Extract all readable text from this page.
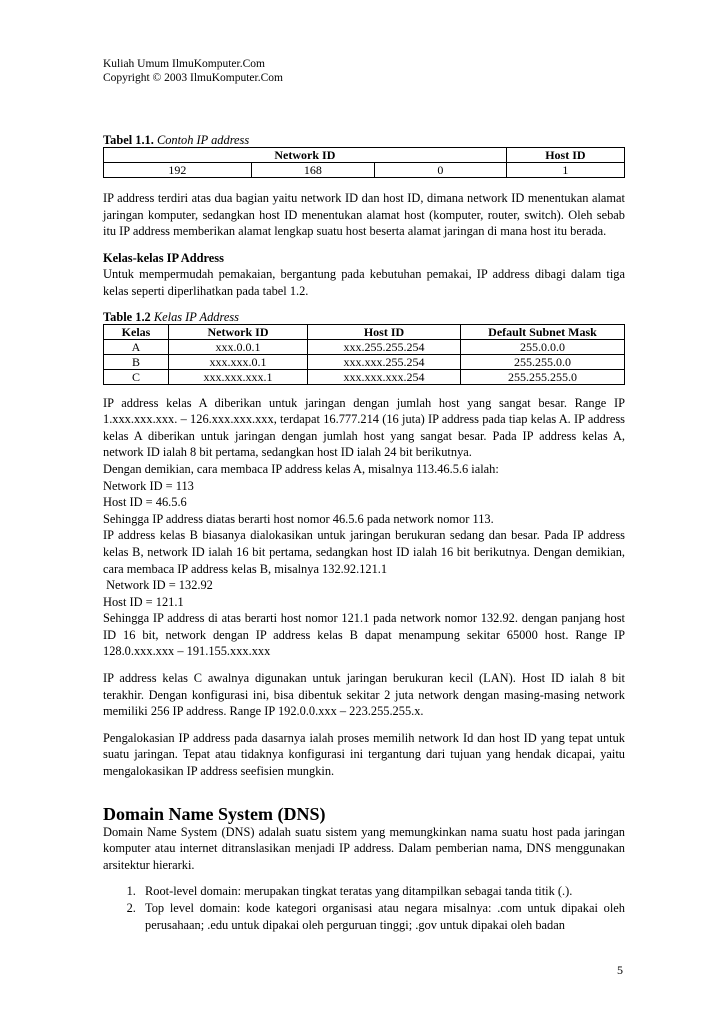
Kuliah Umum IlmuKomputer.Com
Copyright © 2003 IlmuKomputer.Com
Tabel 1.1. Contoh IP address
Network ID			Host ID
192	168	0	1

IP address terdiri atas dua bagian yaitu network ID dan host ID, dimana network ID menentukan alamat jaringan komputer, sedangkan host ID menentukan alamat host (komputer, router, switch). Oleh sebab itu IP address memberikan alamat lengkap suatu host beserta alamat jaringan di mana host itu berada.

Kelas-kelas IP Address

Untuk mempermudah pemakaian, bergantung pada kebutuhan pemakai, IP address dibagi dalam tiga kelas seperti diperlihatkan pada tabel 1.2.

Table 1.2 Kelas IP Address
Kelas	Network ID	Host ID	Default Subnet Mask
A	xxx.0.0.1	xxx.255.255.254	255.0.0.0
B	xxx.xxx.0.1	xxx.xxx.255.254	255.255.0.0
C	xxx.xxx.xxx.1	xxx.xxx.xxx.254	255.255.255.0

IP address kelas A diberikan untuk jaringan dengan jumlah host yang sangat besar. Range IP 1.xxx.xxx.xxx. – 126.xxx.xxx.xxx, terdapat 16.777.214 (16 juta) IP address pada tiap kelas A. IP address kelas A diberikan untuk jaringan dengan jumlah host yang sangat besar. Pada IP address kelas A, network ID ialah 8 bit pertama, sedangkan host ID ialah 24 bit berikutnya.

Dengan demikian, cara membaca IP address kelas A, misalnya 113.46.5.6 ialah:

Network ID = 113

Host ID = 46.5.6

Sehingga IP address diatas berarti host nomor 46.5.6 pada network nomor 113.

IP address kelas B biasanya dialokasikan untuk jaringan berukuran sedang dan besar. Pada IP address kelas B, network ID ialah 16 bit pertama, sedangkan host ID ialah 16 bit berikutnya. Dengan demikian, cara membaca IP address kelas B, misalnya 132.92.121.1

Network ID = 132.92

Host ID = 121.1

Sehingga IP address di atas berarti host nomor 121.1 pada network nomor 132.92. dengan panjang host ID 16 bit, network dengan IP address kelas B dapat menampung sekitar 65000 host. Range IP 128.0.xxx.xxx – 191.155.xxx.xxx

IP address kelas C awalnya digunakan untuk jaringan berukuran kecil (LAN). Host ID ialah 8 bit terakhir. Dengan konfigurasi ini, bisa dibentuk sekitar 2 juta network dengan masing-masing network memiliki 256 IP address. Range IP 192.0.0.xxx – 223.255.255.x.

Pengalokasian IP address pada dasarnya ialah proses memilih network Id dan host ID yang tepat untuk suatu jaringan. Tepat atau tidaknya konfigurasi ini tergantung dari tujuan yang hendak dicapai, yaitu mengalokasikan IP address seefisien mungkin.

Domain Name System (DNS)

Domain Name System (DNS) adalah suatu sistem yang memungkinkan nama suatu host pada jaringan komputer atau internet ditranslasikan menjadi IP address. Dalam pemberian nama, DNS menggunakan arsitektur hierarki.

1. Root-level domain: merupakan tingkat teratas yang ditampilkan sebagai tanda titik (.).
2. Top level domain: kode kategori organisasi atau negara misalnya: .com untuk dipakai oleh perusahaan; .edu untuk dipakai oleh perguruan tinggi; .gov untuk dipakai oleh badan
5
